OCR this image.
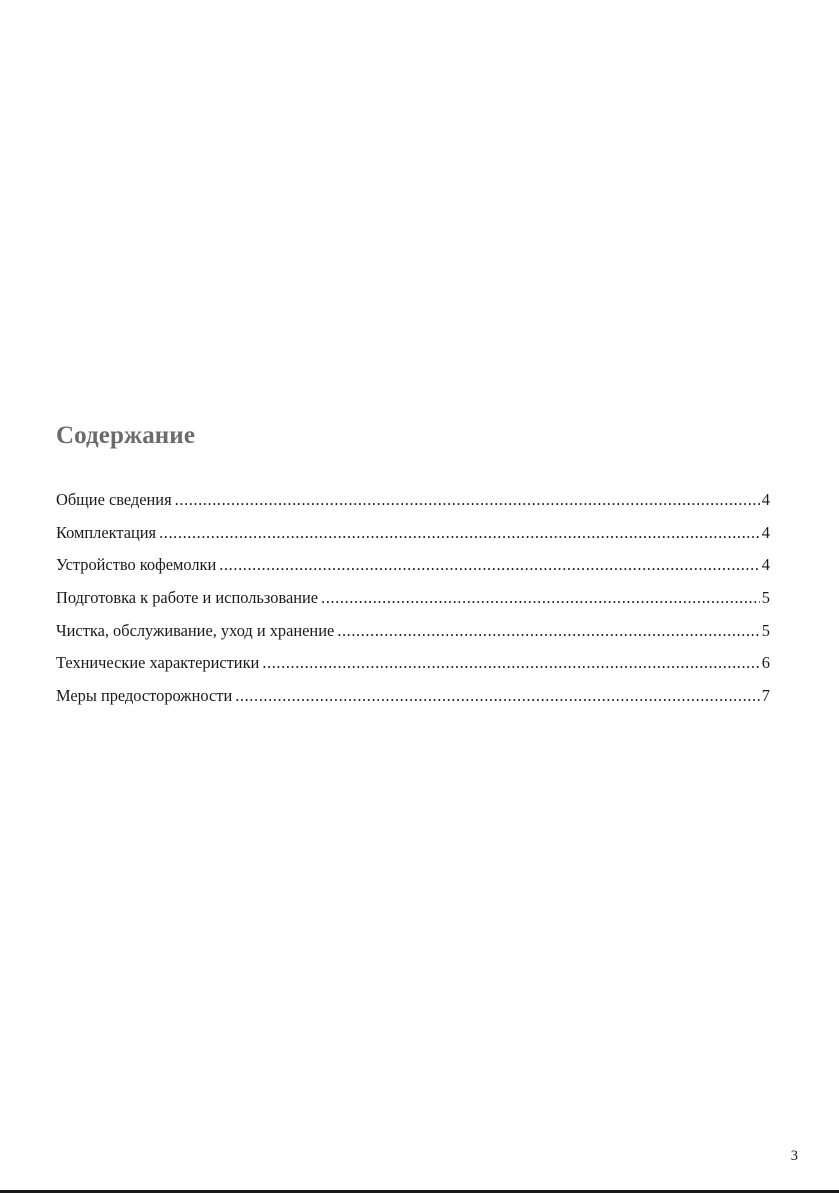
Содержание
Общие сведения .....	4
Комплектация .....	4
Устройство кофемолки .....	4
Подготовка к работе и использование .....	5
Чистка, обслуживание, уход и хранение .....	5
Технические характеристики .....	6
Меры предосторожности .....	7
3
